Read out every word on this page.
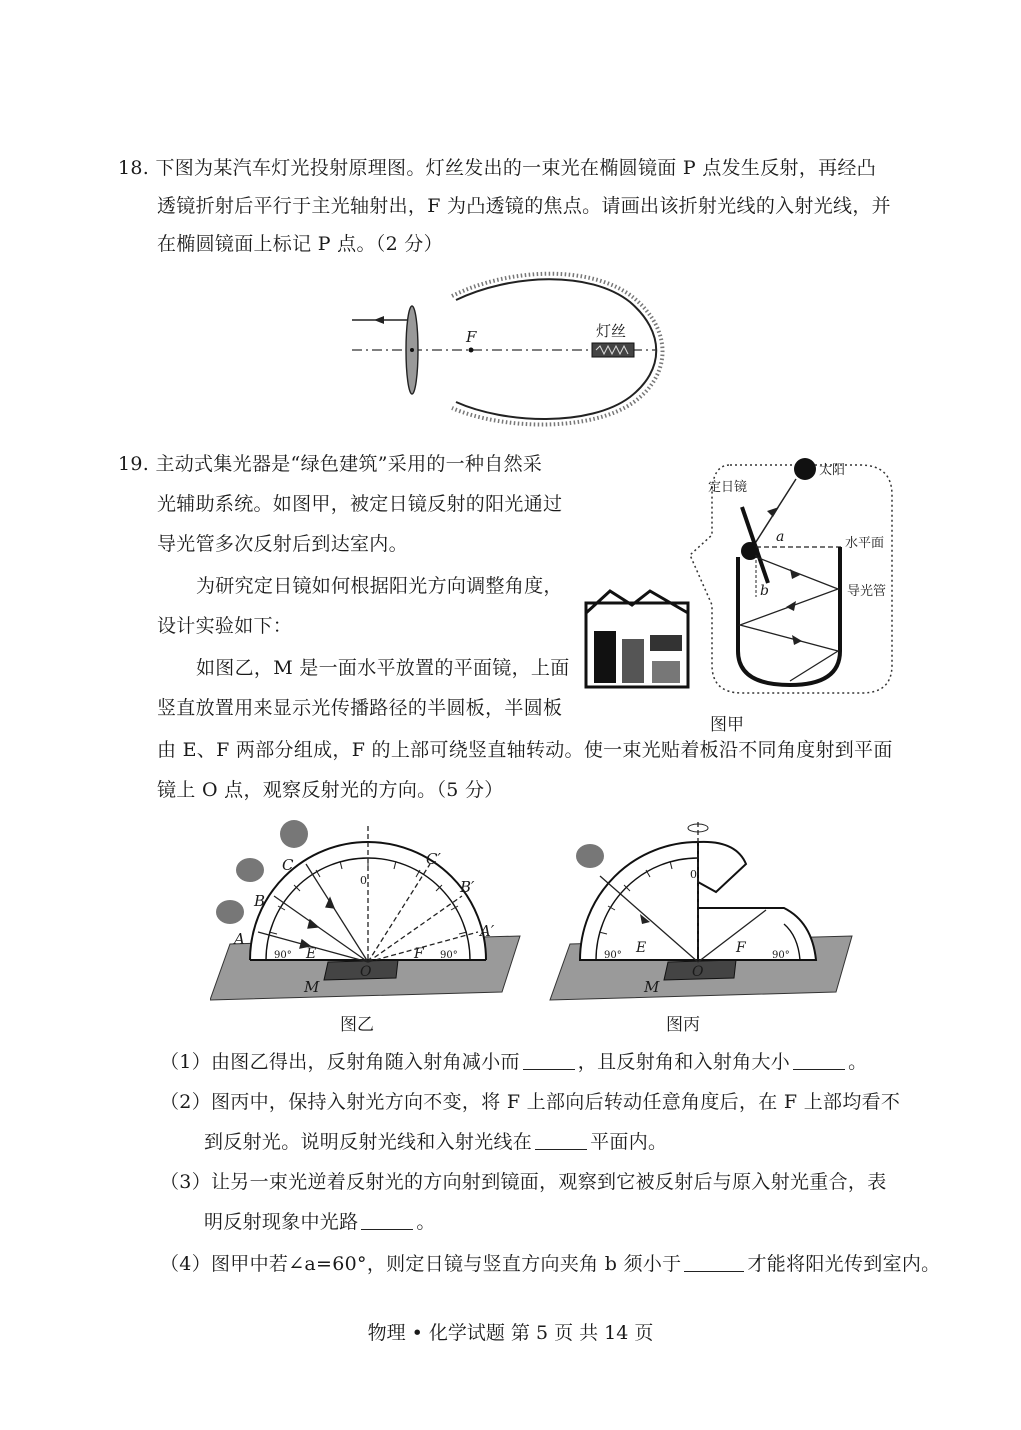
18. 下图为某汽车灯光投射原理图。灯丝发出的一束光在椭圆镜面 P 点发生反射，再经凸
透镜折射后平行于主光轴射出，F 为凸透镜的焦点。请画出该折射光线的入射光线，并
在椭圆镜面上标记 P 点。（2 分）
F	灯丝
19. 主动式集光器是“绿色建筑”采用的一种自然采
光辅助系统。如图甲，被定日镜反射的阳光通过
导光管多次反射后到达室内。
为研究定日镜如何根据阳光方向调整角度，
设计实验如下：
如图乙，M 是一面水平放置的平面镜，上面
竖直放置用来显示光传播路径的半圆板，半圆板
由 E、F 两部分组成，F 的上部可绕竖直轴转动。使一束光贴着板沿不同角度射到平面
镜上 O 点，观察反射光的方向。（5 分）
太阳
定日镜
a
b
水平面
导光管
图甲
M
A
B
C
A′
B′
C′
E	F
O
0
90°	90°
图乙
M
E	F
O
0
90°	90°
图丙
（1）由图乙得出，反射角随入射角减小而	，且反射角和入射角大小	。
（2）图丙中，保持入射光方向不变，将 F 上部向后转动任意角度后，在 F 上部均看不
到反射光。说明反射光线和入射光线在	平面内。
（3）让另一束光逆着反射光的方向射到镜面，观察到它被反射后与原入射光重合，表
明反射现象中光路	。
（4）图甲中若∠a=60°，则定日镜与竖直方向夹角 b 须小于	才能将阳光传到室内。
物理 • 化学试题 第 5 页 共 14 页
